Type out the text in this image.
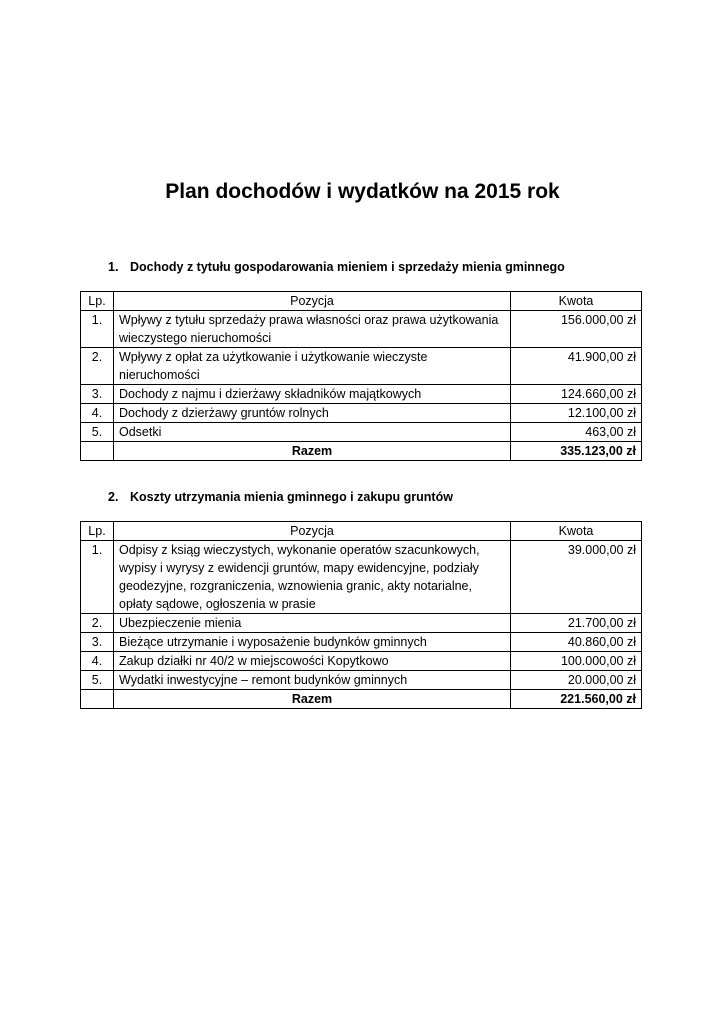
Plan dochodów i wydatków na 2015 rok
1. Dochody z tytułu gospodarowania mieniem i sprzedaży mienia gminnego
Lp.	Pozycja	Kwota
1.	Wpływy z tytułu sprzedaży prawa własności oraz prawa użytkowania wieczystego nieruchomości	156.000,00 zł
2.	Wpływy z opłat za użytkowanie i użytkowanie wieczyste nieruchomości	41.900,00 zł
3.	Dochody z najmu i dzierżawy składników majątkowych	124.660,00 zł
4.	Dochody z dzierżawy gruntów rolnych	12.100,00 zł
5.	Odsetki	463,00 zł
	Razem	335.123,00 zł
2. Koszty utrzymania mienia gminnego i zakupu gruntów
Lp.	Pozycja	Kwota
1.	Odpisy z ksiąg wieczystych, wykonanie operatów szacunkowych, wypisy i wyrysy z ewidencji gruntów, mapy ewidencyjne, podziały geodezyjne, rozgraniczenia, wznowienia granic, akty notarialne, opłaty sądowe, ogłoszenia w prasie	39.000,00 zł
2.	Ubezpieczenie mienia	21.700,00 zł
3.	Bieżące utrzymanie i wyposażenie budynków gminnych	40.860,00 zł
4.	Zakup działki nr 40/2 w miejscowości Kopytkowo	100.000,00 zł
5.	Wydatki inwestycyjne – remont budynków gminnych	20.000,00 zł
	Razem	221.560,00 zł
